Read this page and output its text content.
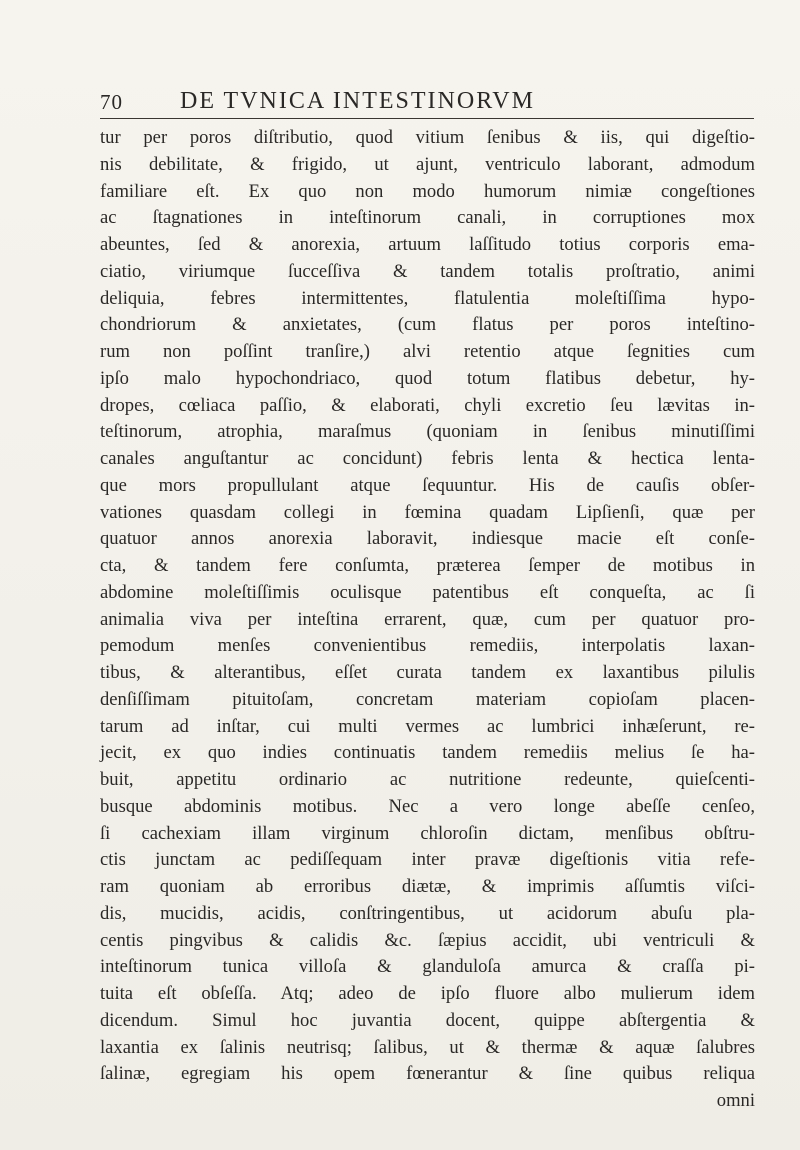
70 DE TVNICA INTESTINORVM
tur per poros diſtributio, quod vitium ſenibus & iis, qui digeſtio-
nis debilitate, & frigido, ut ajunt, ventriculo laborant, admodum
familiare eſt. Ex quo non modo humorum nimiæ congeſtiones
ac ſtagnationes in inteſtinorum canali, in corruptiones mox
abeuntes, ſed & anorexia, artuum laſſitudo totius corporis ema-
ciatio, viriumque ſucceſſiva & tandem totalis proſtratio, animi
deliquia, febres intermittentes, flatulentia moleſtiſſima hypo-
chondriorum & anxietates, (cum flatus per poros inteſtino-
rum non poſſint tranſire,) alvi retentio atque ſegnities cum
ipſo malo hypochondriaco, quod totum flatibus debetur, hy-
dropes, cœliaca paſſio, & elaborati, chyli excretio ſeu lævitas in-
teſtinorum, atrophia, maraſmus (quoniam in ſenibus minutiſſimi
canales anguſtantur ac concidunt) febris lenta & hectica lenta-
que mors propullulant atque ſequuntur. His de cauſis obſer-
vationes quasdam collegi in fœmina quadam Lipſienſi, quæ per
quatuor annos anorexia laboravit, indiesque macie eſt conſe-
cta, & tandem fere conſumta, præterea ſemper de motibus in
abdomine moleſtiſſimis oculisque patentibus eſt conqueſta, ac ſi
animalia viva per inteſtina errarent, quæ, cum per quatuor pro-
pemodum menſes convenientibus remediis, interpolatis laxan-
tibus, & alterantibus, eſſet curata tandem ex laxantibus pilulis
denſiſſimam pituitoſam, concretam materiam copioſam placen-
tarum ad inſtar, cui multi vermes ac lumbrici inhæſerunt, re-
jecit, ex quo indies continuatis tandem remediis melius ſe ha-
buit, appetitu ordinario ac nutritione redeunte, quieſcenti-
busque abdominis motibus. Nec a vero longe abeſſe cenſeo,
ſi cachexiam illam virginum chloroſin dictam, menſibus obſtru-
ctis junctam ac pediſſequam inter pravæ digeſtionis vitia refe-
ram quoniam ab erroribus diætæ, & imprimis aſſumtis viſci-
dis, mucidis, acidis, conſtringentibus, ut acidorum abuſu pla-
centis pingvibus & calidis &c. ſæpius accidit, ubi ventriculi &
inteſtinorum tunica villoſa & glanduloſa amurca & craſſa pi-
tuita eſt obſeſſa. Atq; adeo de ipſo fluore albo mulierum idem
dicendum. Simul hoc juvantia docent, quippe abſtergentia &
laxantia ex ſalinis neutrisq; ſalibus, ut & thermæ & aquæ ſalubres
ſalinæ, egregiam his opem fœnerantur & ſine quibus reliqua
omni
